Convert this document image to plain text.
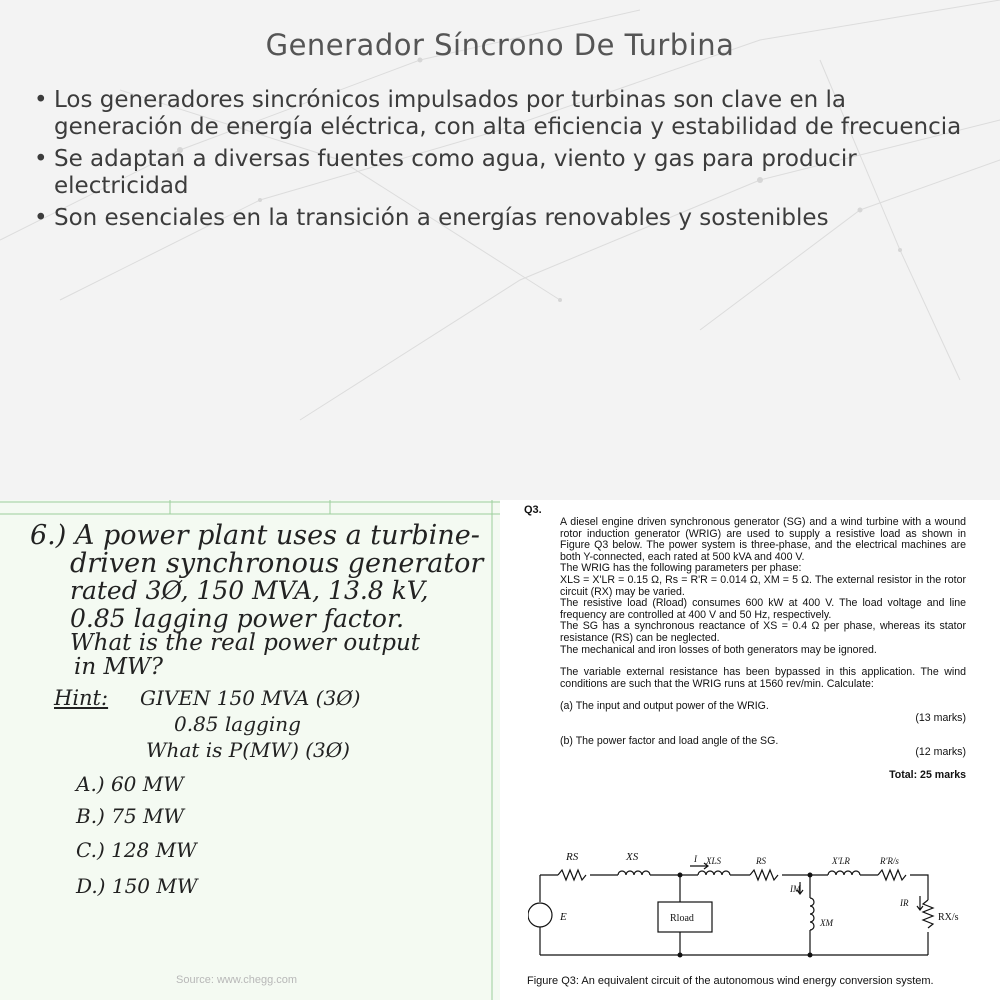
Generador Síncrono De Turbina
• Los generadores sincrónicos impulsados por turbinas son clave en la generación de energía eléctrica, con alta eficiencia y estabilidad de frecuencia
• Se adaptan a diversas fuentes como agua, viento y gas para producir electricidad
• Son esenciales en la transición a energías renovables y sostenibles
6.) A power plant uses a turbine-
driven synchronous generator
rated 3Ø, 150 MVA, 13.8 kV,
0.85 lagging power factor.
What is the real power output
in MW?
Hint: GIVEN 150 MVA (3Ø)
0.85 lagging
What is P(MW) (3Ø)
A.) 60 MW
B.) 75 MW
C.) 128 MW
D.) 150 MW
Source: www.chegg.com
Q3.

A diesel engine driven synchronous generator (SG) and a wind turbine with a wound rotor induction generator (WRIG) are used to supply a resistive load as shown in Figure Q3 below. The power system is three-phase, and the electrical machines are both Y-connected, each rated at 500 kVA and 400 V.

The WRIG has the following parameters per phase:

XLS = X'LR = 0.15 Ω, Rs = R'R = 0.014 Ω, XM = 5 Ω. The external resistor in the rotor circuit (RX) may be varied.

The resistive load (Rload) consumes 600 kW at 400 V. The load voltage and line frequency are controlled at 400 V and 50 Hz, respectively.

The SG has a synchronous reactance of XS = 0.4 Ω per phase, whereas its stator resistance (RS) can be neglected.

The mechanical and iron losses of both generators may be ignored.

The variable external resistance has been bypassed in this application. The wind conditions are such that the WRIG runs at 1560 rev/min. Calculate:

(a) The input and output power of the WRIG.

(13 marks)

(b) The power factor and load angle of the SG.

(12 marks)

Total: 25 marks

RS	XS	I XLS	RS	X'LR	R'R/s
IM
IR
RX/s
E	Rload	XM
Figure Q3: An equivalent circuit of the autonomous wind energy conversion system.
